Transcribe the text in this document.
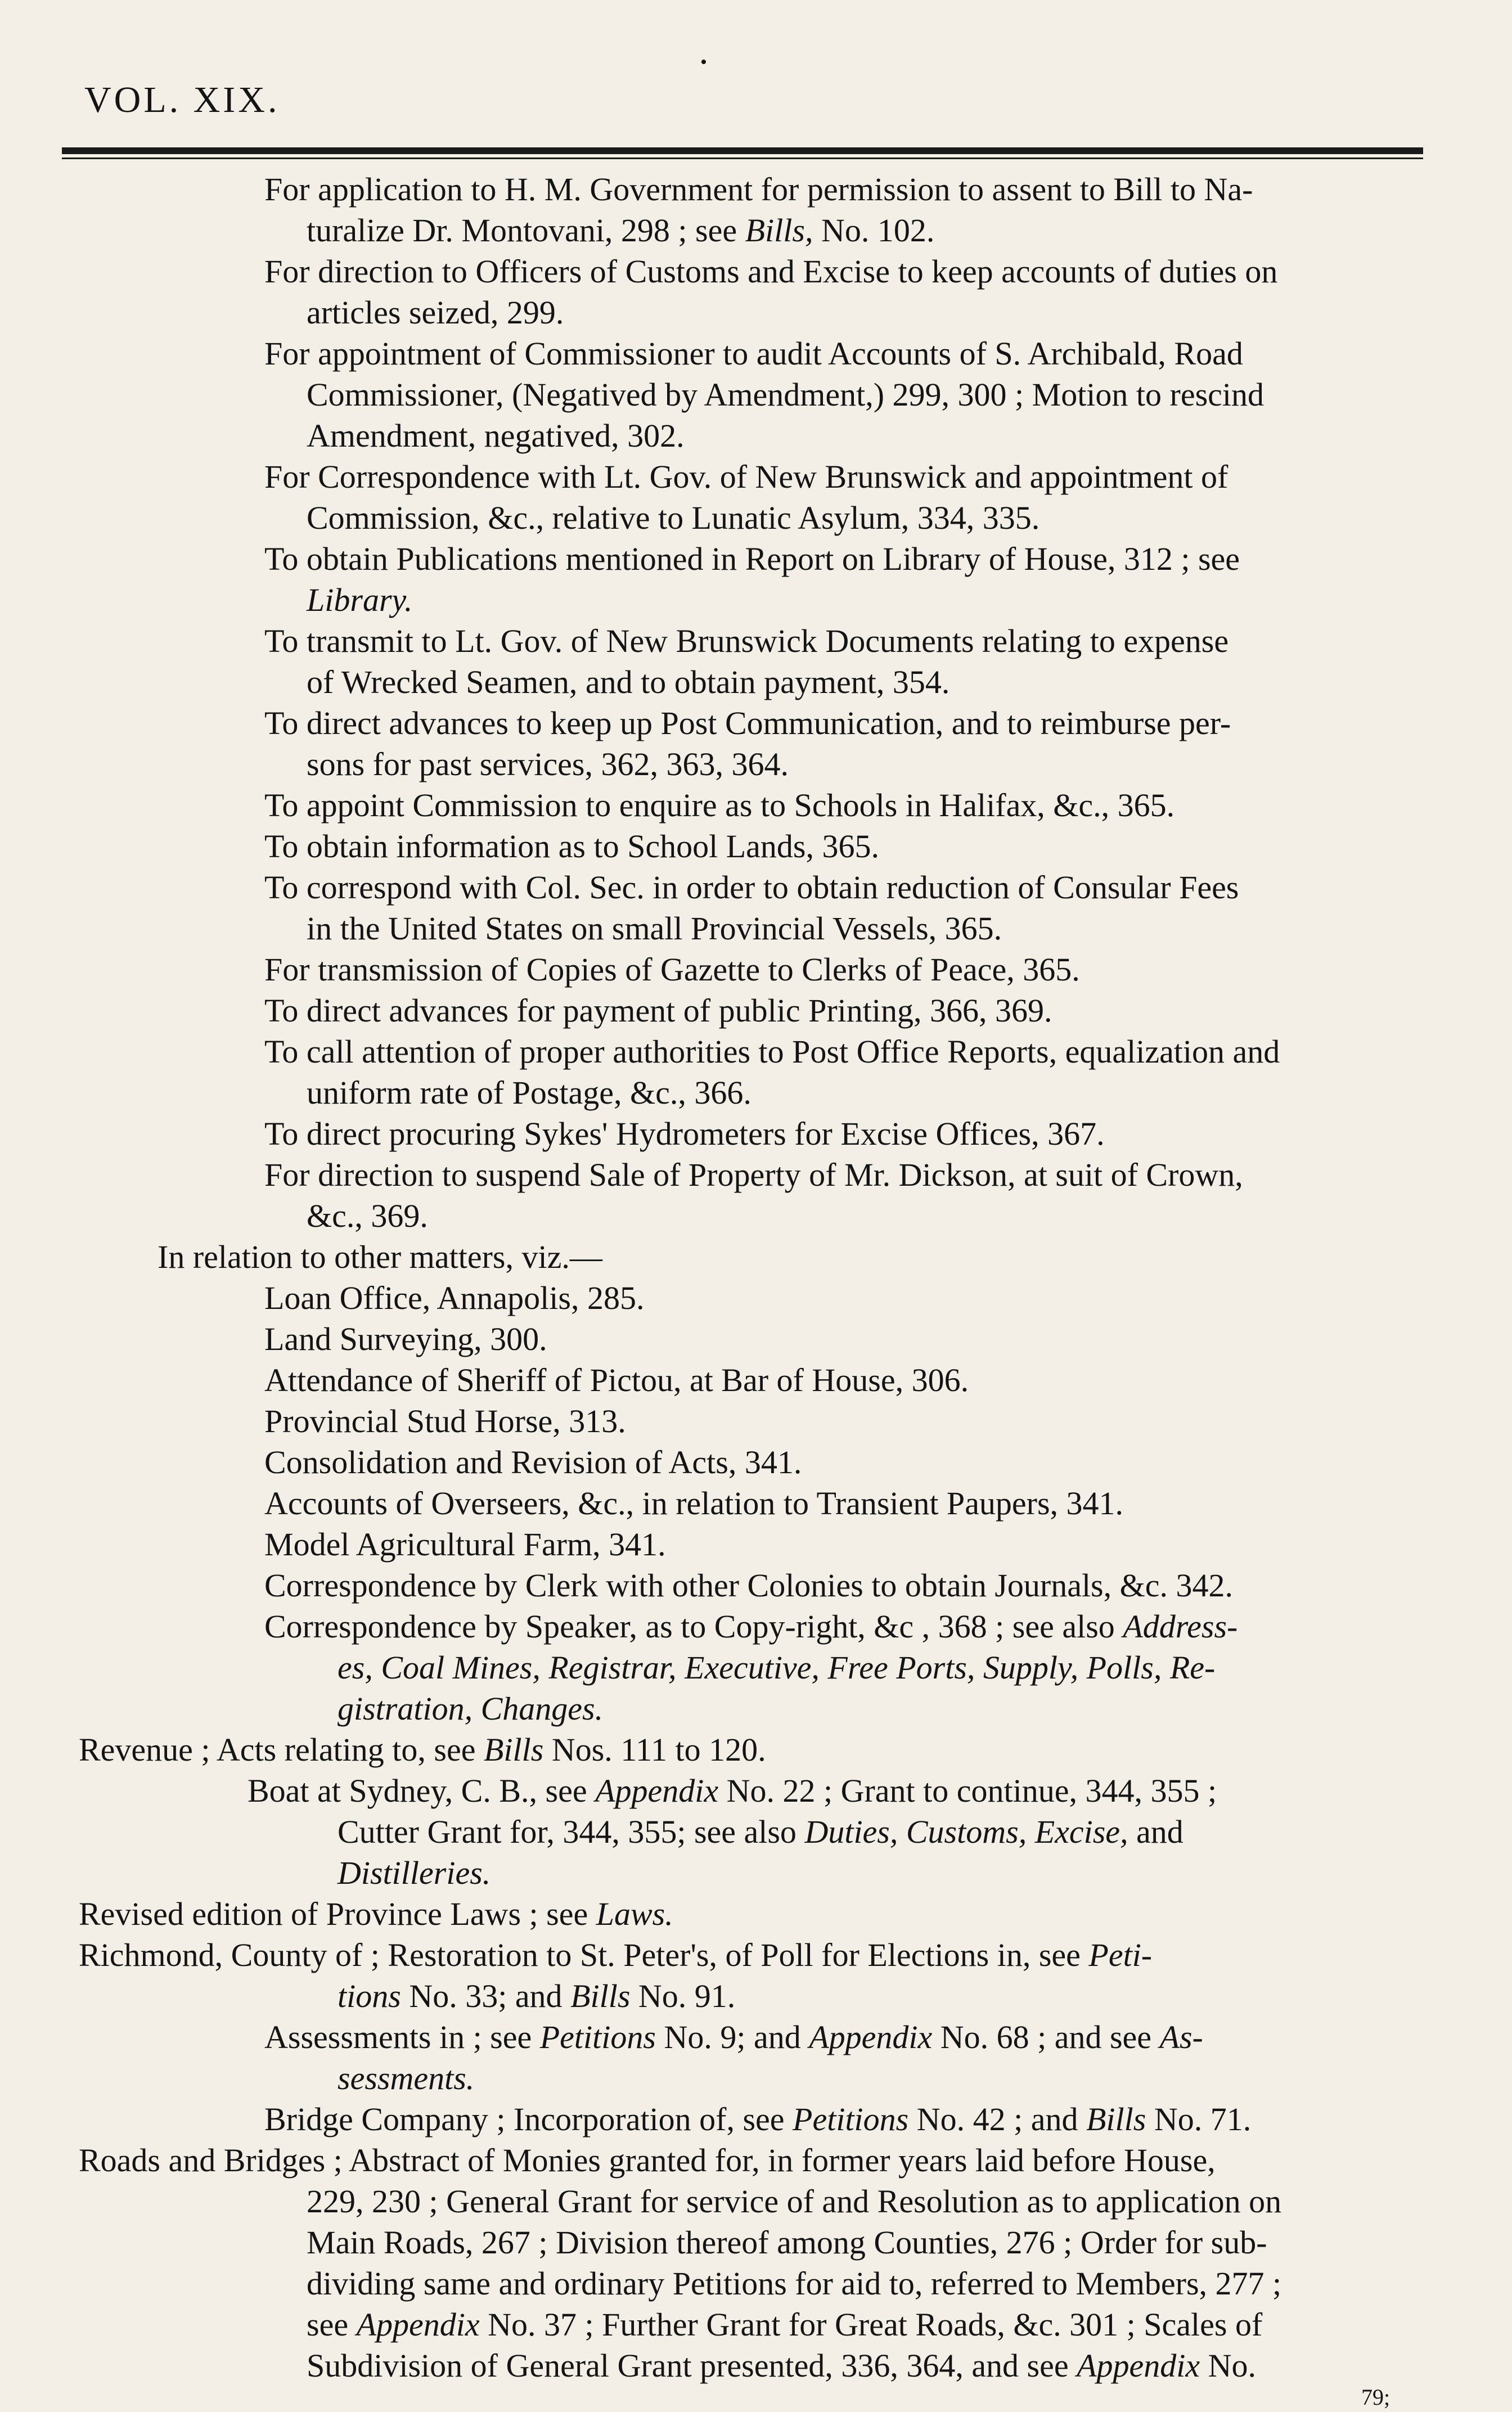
VOL. XIX.
•
For application to H. M. Government for permission to assent to Bill to Na-
turalize Dr. Montovani, 298 ; see Bills, No. 102.
For direction to Officers of Customs and Excise to keep accounts of duties on
articles seized, 299.
For appointment of Commissioner to audit Accounts of S. Archibald, Road
Commissioner, (Negatived by Amendment,) 299, 300 ; Motion to rescind
Amendment, negatived, 302.
For Correspondence with Lt. Gov. of New Brunswick and appointment of
Commission, &c., relative to Lunatic Asylum, 334, 335.
To obtain Publications mentioned in Report on Library of House, 312 ; see
Library.
To transmit to Lt. Gov. of New Brunswick Documents relating to expense
of Wrecked Seamen, and to obtain payment, 354.
To direct advances to keep up Post Communication, and to reimburse per-
sons for past services, 362, 363, 364.
To appoint Commission to enquire as to Schools in Halifax, &c., 365.
To obtain information as to School Lands, 365.
To correspond with Col. Sec. in order to obtain reduction of Consular Fees
in the United States on small Provincial Vessels, 365.
For transmission of Copies of Gazette to Clerks of Peace, 365.
To direct advances for payment of public Printing, 366, 369.
To call attention of proper authorities to Post Office Reports, equalization and
uniform rate of Postage, &c., 366.
To direct procuring Sykes' Hydrometers for Excise Offices, 367.
For direction to suspend Sale of Property of Mr. Dickson, at suit of Crown,
&c., 369.
In relation to other matters, viz.—
Loan Office, Annapolis, 285.
Land Surveying, 300.
Attendance of Sheriff of Pictou, at Bar of House, 306.
Provincial Stud Horse, 313.
Consolidation and Revision of Acts, 341.
Accounts of Overseers, &c., in relation to Transient Paupers, 341.
Model Agricultural Farm, 341.
Correspondence by Clerk with other Colonies to obtain Journals, &c. 342.
Correspondence by Speaker, as to Copy-right, &c , 368 ; see also Address-
es, Coal Mines, Registrar, Executive, Free Ports, Supply, Polls, Re-
gistration, Changes.
Revenue ; Acts relating to, see Bills Nos. 111 to 120.
Boat at Sydney, C. B., see Appendix No. 22 ; Grant to continue, 344, 355 ;
Cutter Grant for, 344, 355; see also Duties, Customs, Excise, and
Distilleries.
Revised edition of Province Laws ; see Laws.
Richmond, County of ; Restoration to St. Peter's, of Poll for Elections in, see Peti-
tions No. 33; and Bills No. 91.
Assessments in ; see Petitions No. 9; and Appendix No. 68 ; and see As-
sessments.
Bridge Company ; Incorporation of, see Petitions No. 42 ; and Bills No. 71.
Roads and Bridges ; Abstract of Monies granted for, in former years laid before House,
229, 230 ; General Grant for service of and Resolution as to application on
Main Roads, 267 ; Division thereof among Counties, 276 ; Order for sub-
dividing same and ordinary Petitions for aid to, referred to Members, 277 ;
see Appendix No. 37 ; Further Grant for Great Roads, &c. 301 ; Scales of
Subdivision of General Grant presented, 336, 364, and see Appendix No.
79;
